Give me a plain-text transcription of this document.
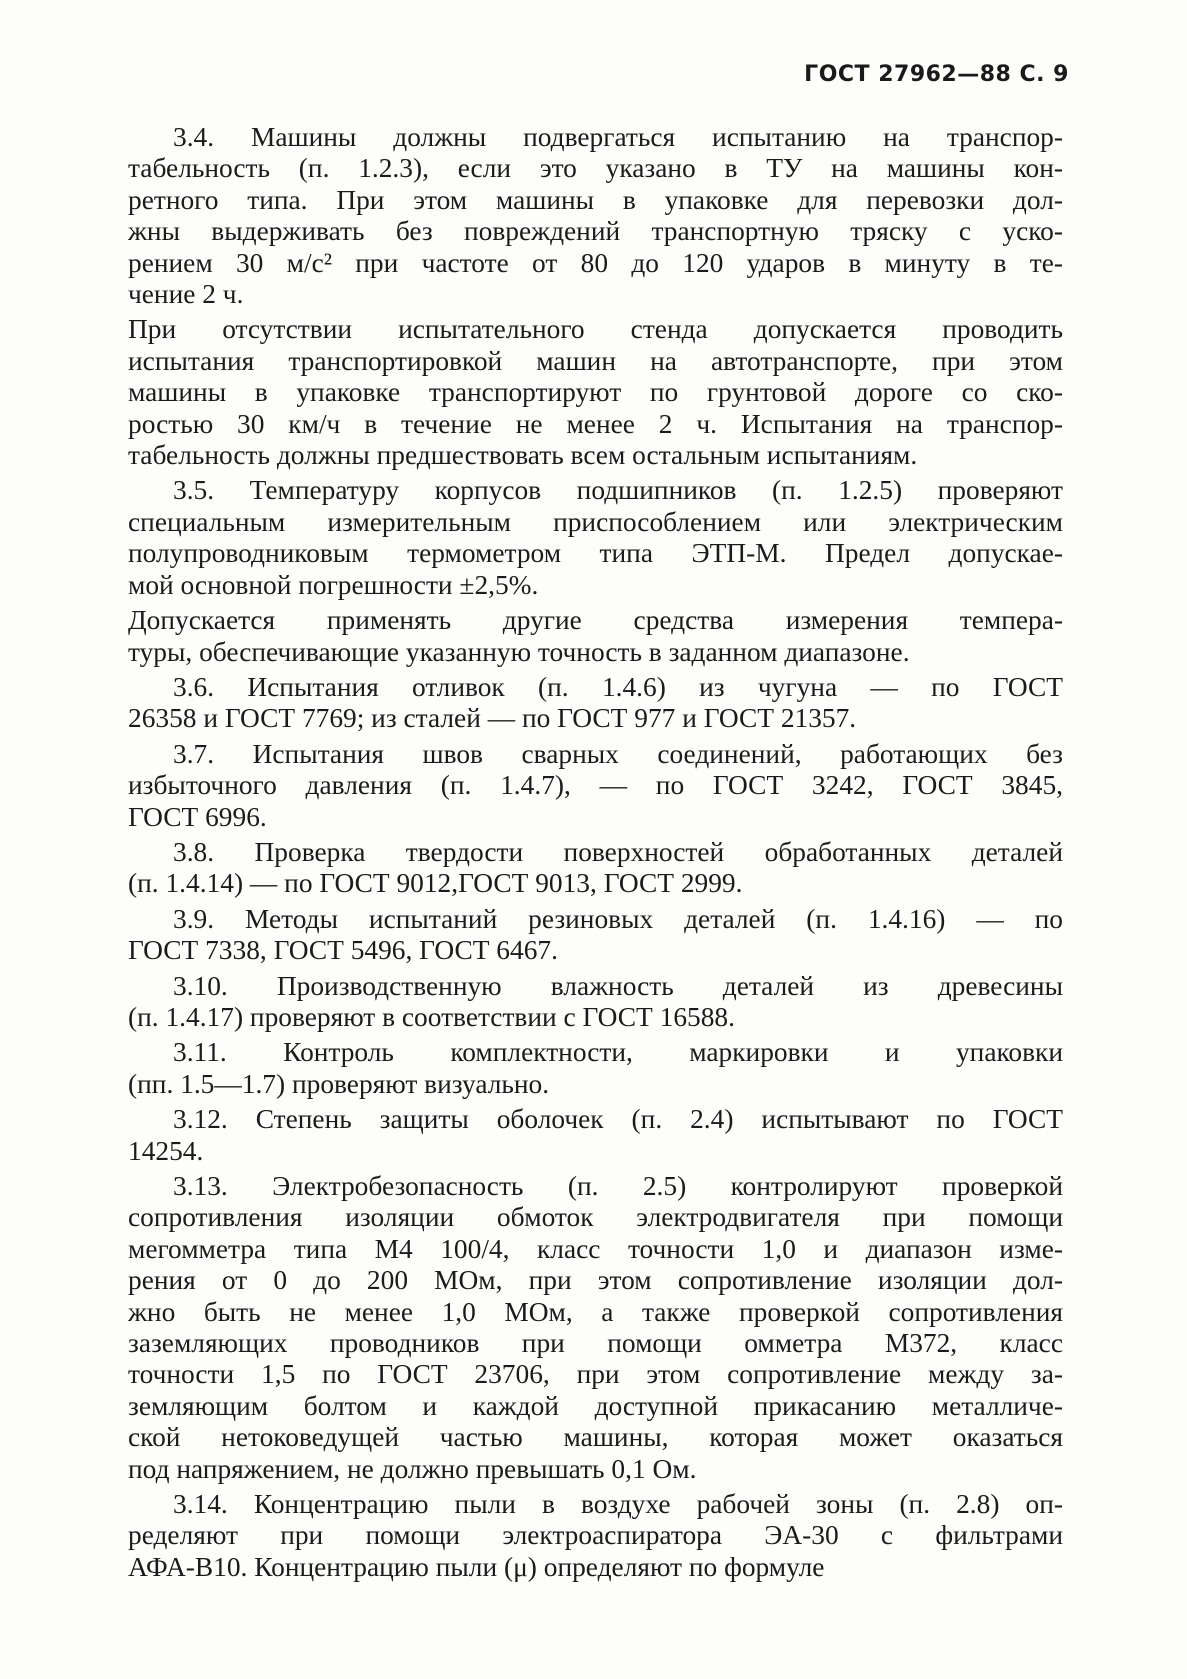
ГОСТ 27962—88 С. 9
3.4. Машины должны подвергаться испытанию на транспор-
табельность (п. 1.2.3), если это указано в ТУ на машины кон-
ретного типа. При этом машины в упаковке для перевозки дол-
жны выдерживать без повреждений транспортную тряску с уско-
рением 30 м/с² при частоте от 80 до 120 ударов в минуту в те-
чение 2 ч.
При отсутствии испытательного стенда допускается проводить
испытания транспортировкой машин на автотранспорте, при этом
машины в упаковке транспортируют по грунтовой дороге со ско-
ростью 30 км/ч в течение не менее 2 ч. Испытания на транспор-
табельность должны предшествовать всем остальным испытаниям.
3.5. Температуру корпусов подшипников (п. 1.2.5) проверяют
специальным измерительным приспособлением или электрическим
полупроводниковым термометром типа ЭТП-М. Предел допускае-
мой основной погрешности ±2,5%.
Допускается применять другие средства измерения темпера-
туры, обеспечивающие указанную точность в заданном диапазоне.
3.6. Испытания отливок (п. 1.4.6) из чугуна — по ГОСТ
26358 и ГОСТ 7769; из сталей — по ГОСТ 977 и ГОСТ 21357.
3.7. Испытания швов сварных соединений, работающих без
избыточного давления (п. 1.4.7), — по ГОСТ 3242, ГОСТ 3845,
ГОСТ 6996.
3.8. Проверка твердости поверхностей обработанных деталей
(п. 1.4.14) — по ГОСТ 9012,ГОСТ 9013, ГОСТ 2999.
3.9. Методы испытаний резиновых деталей (п. 1.4.16) — по
ГОСТ 7338, ГОСТ 5496, ГОСТ 6467.
3.10. Производственную влажность деталей из древесины
(п. 1.4.17) проверяют в соответствии с ГОСТ 16588.
3.11. Контроль комплектности, маркировки и упаковки
(пп. 1.5—1.7) проверяют визуально.
3.12. Степень защиты оболочек (п. 2.4) испытывают по ГОСТ
14254.
3.13. Электробезопасность (п. 2.5) контролируют проверкой
сопротивления изоляции обмоток электродвигателя при помощи
мегомметра типа М4 100/4, класс точности 1,0 и диапазон изме-
рения от 0 до 200 МОм, при этом сопротивление изоляции дол-
жно быть не менее 1,0 МОм, а также проверкой сопротивления
заземляющих проводников при помощи омметра М372, класс
точности 1,5 по ГОСТ 23706, при этом сопротивление между за-
земляющим болтом и каждой доступной прикасанию металличе-
ской нетоковедущей частью машины, которая может оказаться
под напряжением, не должно превышать 0,1 Ом.
3.14. Концентрацию пыли в воздухе рабочей зоны (п. 2.8) оп-
ределяют при помощи электроаспиратора ЭА-30 с фильтрами
АФА-В10. Концентрацию пыли (μ) определяют по формуле
